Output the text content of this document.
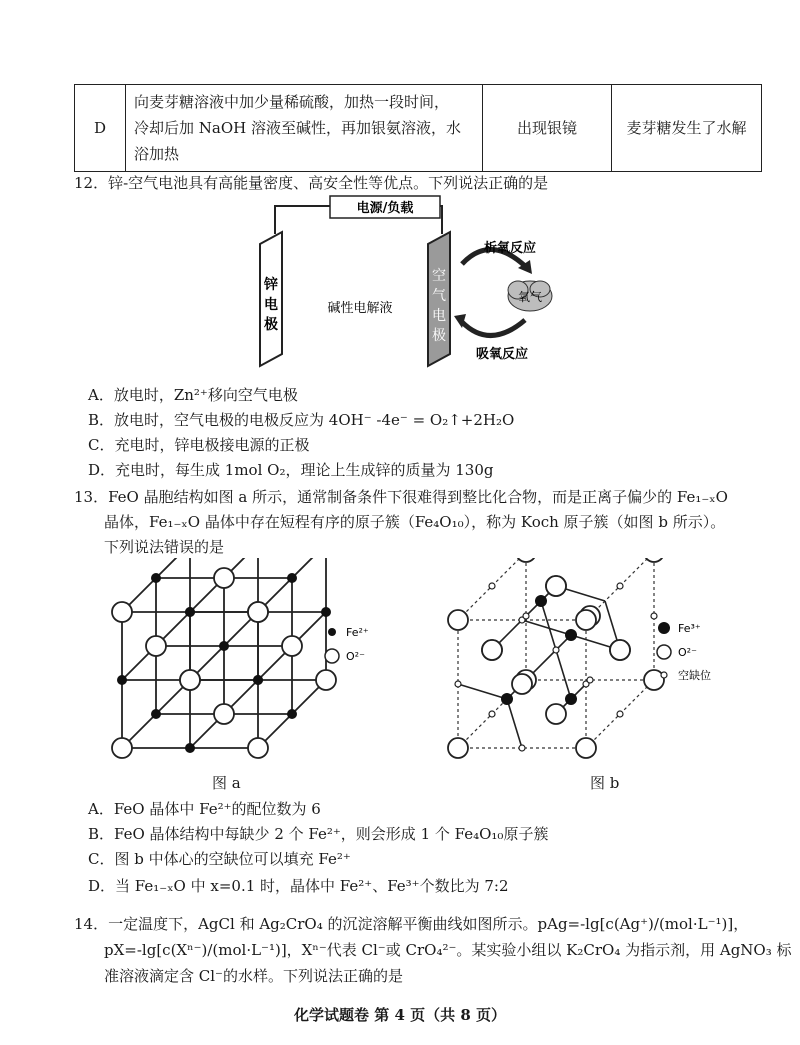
D	
向麦芽糖溶液中加少量稀硫酸，加热一段时间，
冷却后加 NaOH 溶液至碱性，再加银氨溶液，水
浴加热
	出现银镜	麦芽糖发生了水解
12．锌-空气电池具有高能量密度、高安全性等优点。下列说法正确的是
电源/负载
锌
电
极
碱性电解液
空
气
电
极
析氧反应
吸氧反应
氧气
A．放电时，Zn²⁺移向空气电极
B．放电时，空气电极的电极反应为 4OH⁻ -4e⁻ = O₂↑+2H₂O
C．充电时，锌电极接电源的正极
D．充电时，每生成 1mol O₂，理论上生成锌的质量为 130g
13．FeO 晶胞结构如图 a 所示，通常制备条件下很难得到整比化合物，而是正离子偏少的 Fe₁₋ₓO
晶体，Fe₁₋ₓO 晶体中存在短程有序的原子簇（Fe₄O₁₀），称为 Koch 原子簇（如图 b 所示）。
下列说法错误的是
Fe²⁺
O²⁻
图 a
Fe³⁺
O²⁻
空缺位
图 b
A．FeO 晶体中 Fe²⁺的配位数为 6
B．FeO 晶体结构中每缺少 2 个 Fe²⁺，则会形成 1 个 Fe₄O₁₀原子簇
C．图 b 中体心的空缺位可以填充 Fe²⁺
D．当 Fe₁₋ₓO 中 x=0.1 时，晶体中 Fe²⁺、Fe³⁺个数比为 7:2
14．一定温度下，AgCl 和 Ag₂CrO₄ 的沉淀溶解平衡曲线如图所示。pAg=-lg[c(Ag⁺)/(mol·L⁻¹)]，
pX=-lg[c(Xⁿ⁻)/(mol·L⁻¹)]，Xⁿ⁻代表 Cl⁻或 CrO₄²⁻。某实验小组以 K₂CrO₄ 为指示剂，用 AgNO₃ 标
准溶液滴定含 Cl⁻的水样。下列说法正确的是
化学试题卷 第 4 页（共 8 页）
